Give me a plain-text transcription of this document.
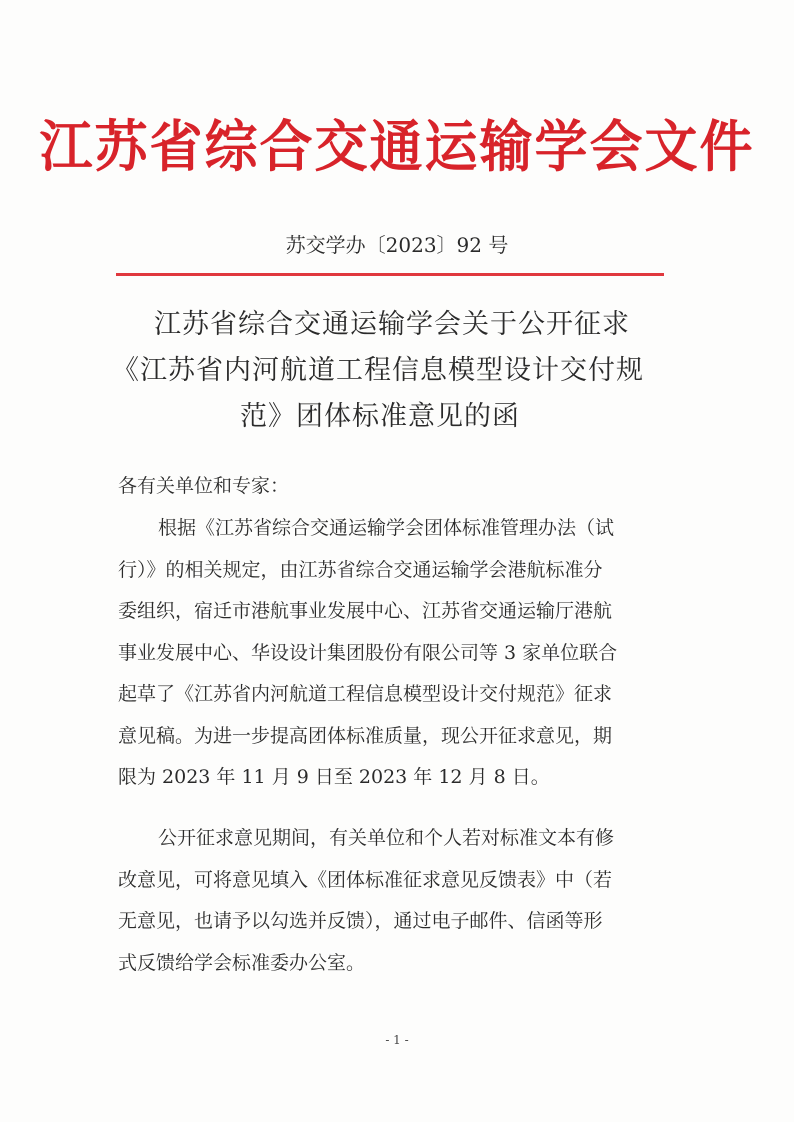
江苏省综合交通运输学会文件
苏交学办〔2023〕92 号
江苏省综合交通运输学会关于公开征求
《江苏省内河航道工程信息模型设计交付规
范》团体标准意见的函
各有关单位和专家：
根据《江苏省综合交通运输学会团体标准管理办法（试
行）》的相关规定，由江苏省综合交通运输学会港航标准分
委组织，宿迁市港航事业发展中心、江苏省交通运输厅港航
事业发展中心、华设设计集团股份有限公司等 3 家单位联合
起草了《江苏省内河航道工程信息模型设计交付规范》征求
意见稿。为进一步提高团体标准质量，现公开征求意见，期
限为 2023 年 11 月 9 日至 2023 年 12 月 8 日。
公开征求意见期间，有关单位和个人若对标准文本有修
改意见，可将意见填入《团体标准征求意见反馈表》中（若
无意见，也请予以勾选并反馈），通过电子邮件、信函等形
式反馈给学会标准委办公室。
- 1 -
